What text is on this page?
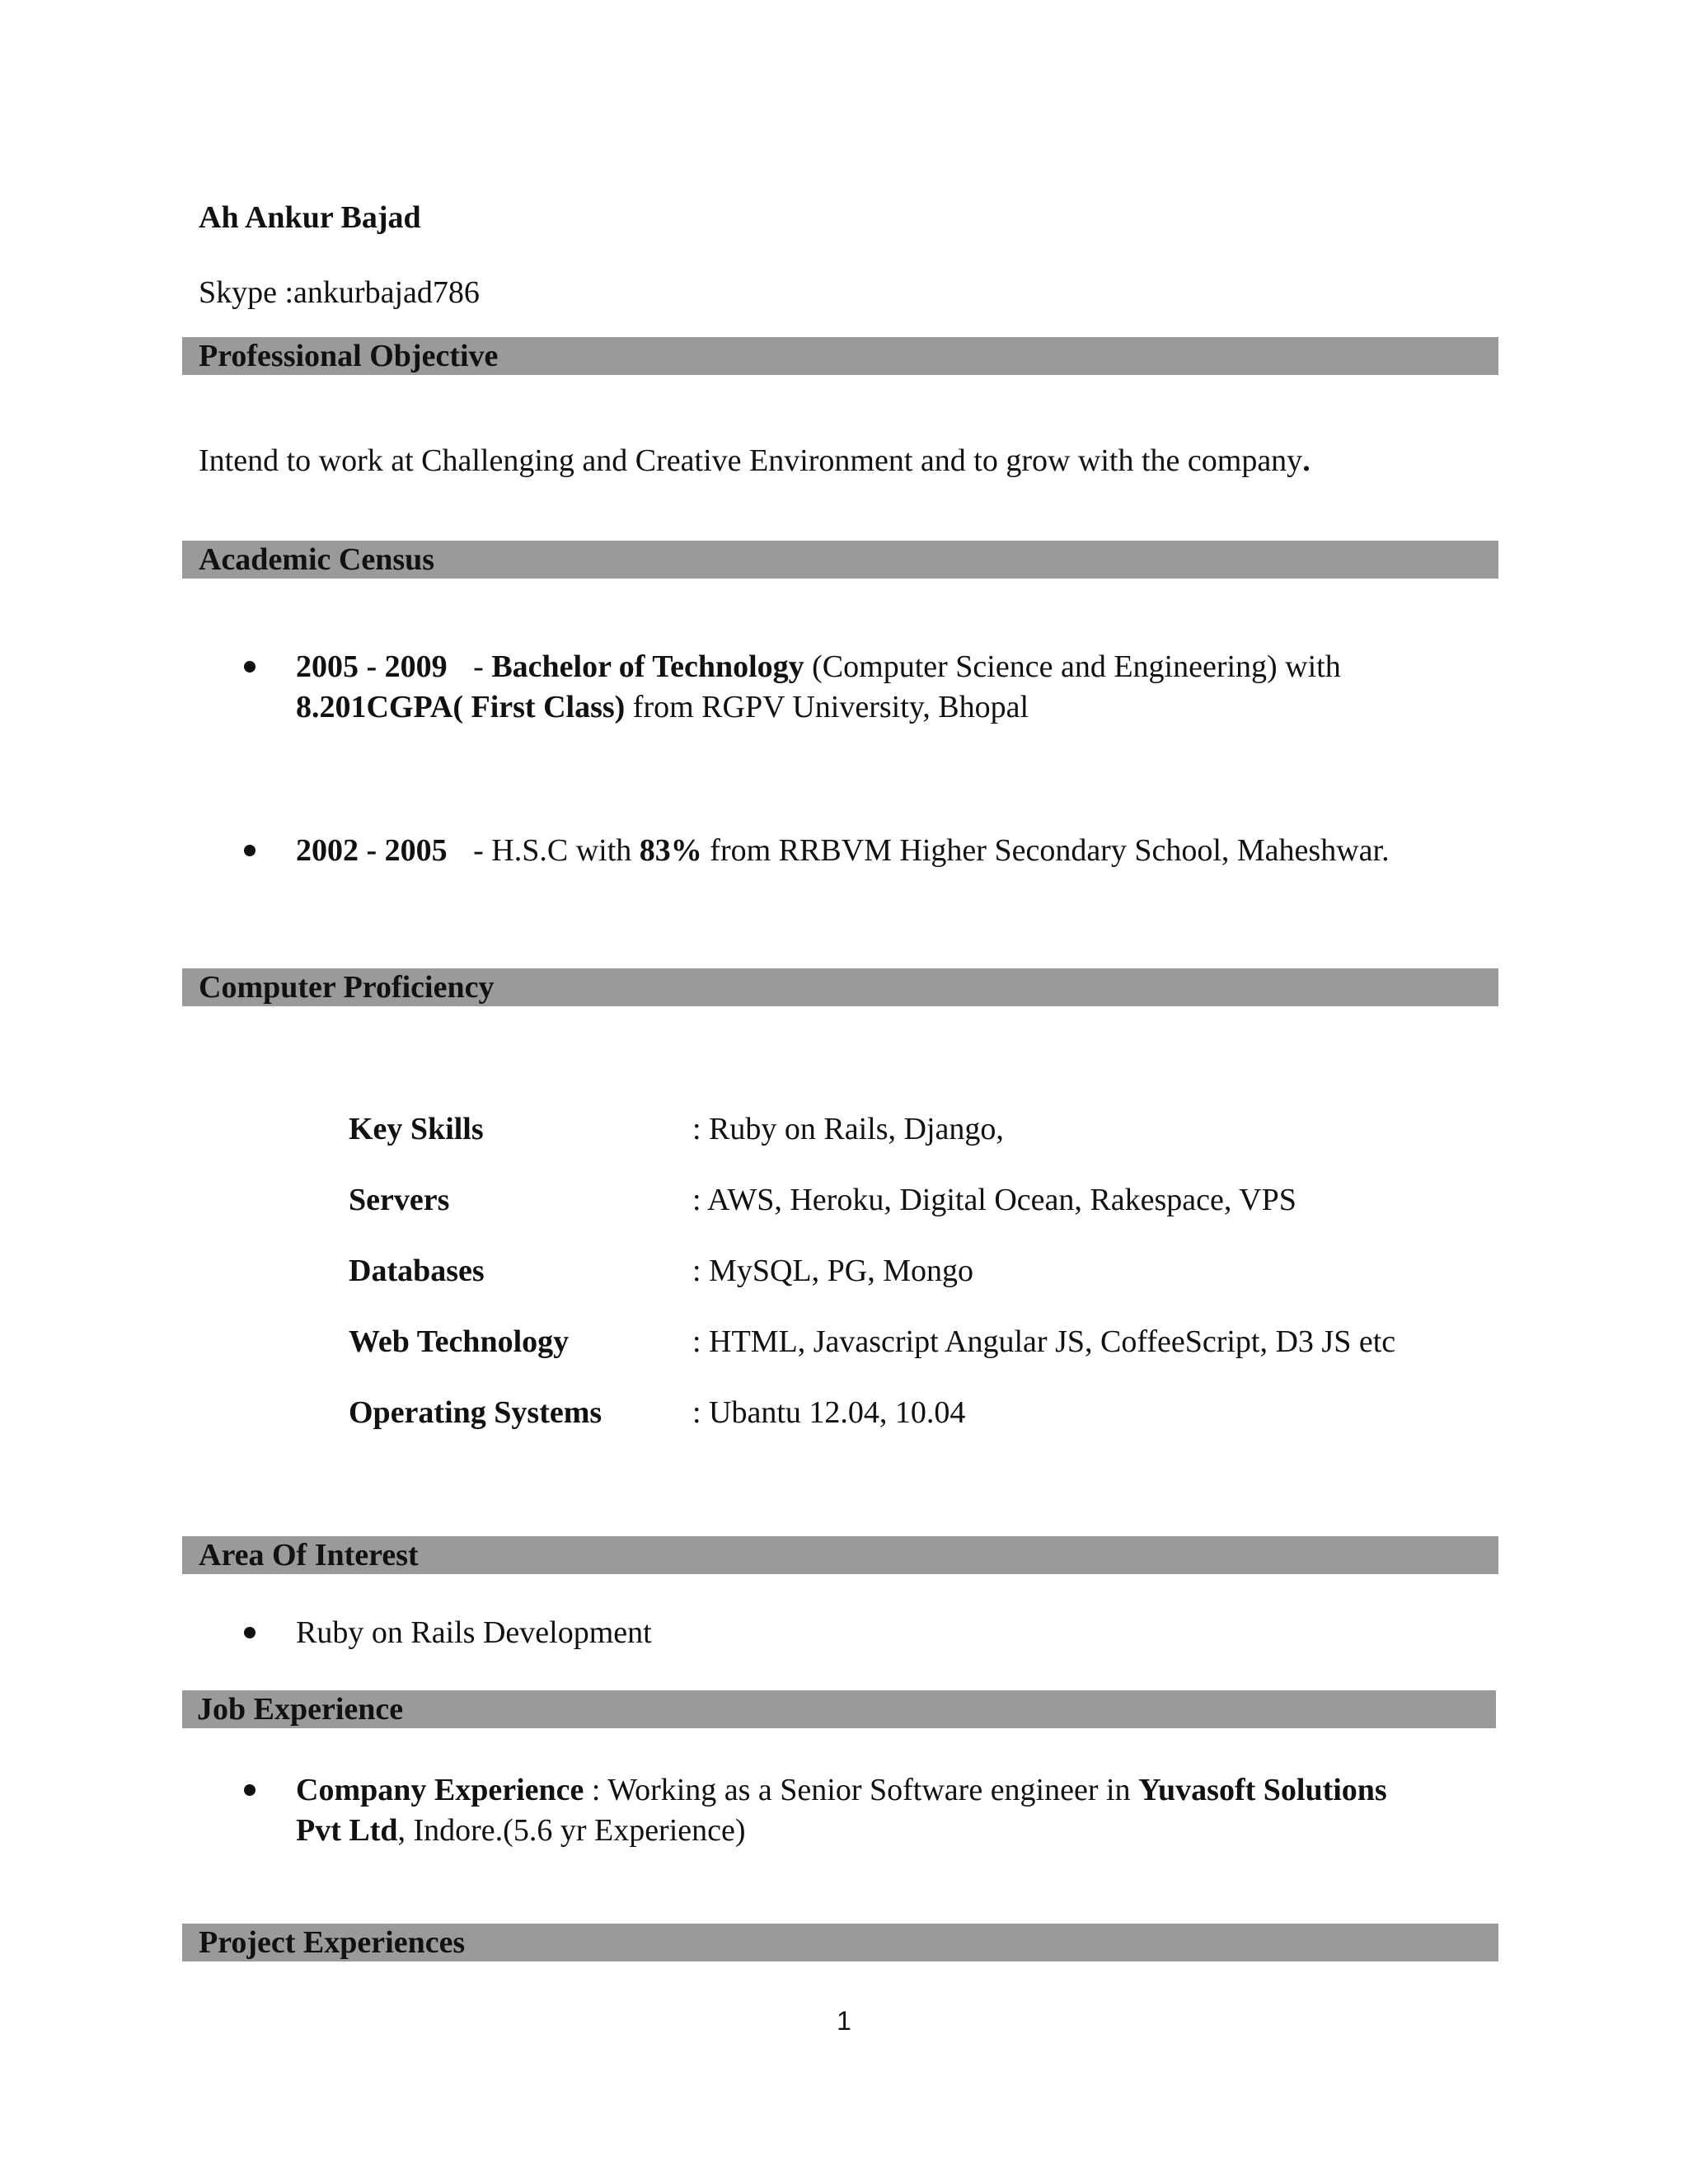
Ah Ankur Bajad
Skype :ankurbajad786
Professional Objective
Intend to work at Challenging and Creative Environment and to grow with the company.
Academic Census
2005 - 2009 - Bachelor of Technology (Computer Science and Engineering) with
8.201CGPA( First Class) from RGPV University, Bhopal
2002 - 2005 - H.S.C with 83% from RRBVM Higher Secondary School, Maheshwar.
Computer Proficiency
Key Skills	: Ruby on Rails, Django,
Servers	: AWS, Heroku, Digital Ocean, Rakespace, VPS
Databases	: MySQL, PG, Mongo
Web Technology	: HTML, Javascript Angular JS, CoffeeScript, D3 JS etc
Operating Systems	: Ubantu 12.04, 10.04
Area Of Interest
Ruby on Rails Development
Job Experience
Company Experience : Working as a Senior Software engineer in Yuvasoft Solutions
Pvt Ltd, Indore.(5.6 yr Experience)
Project Experiences
1
